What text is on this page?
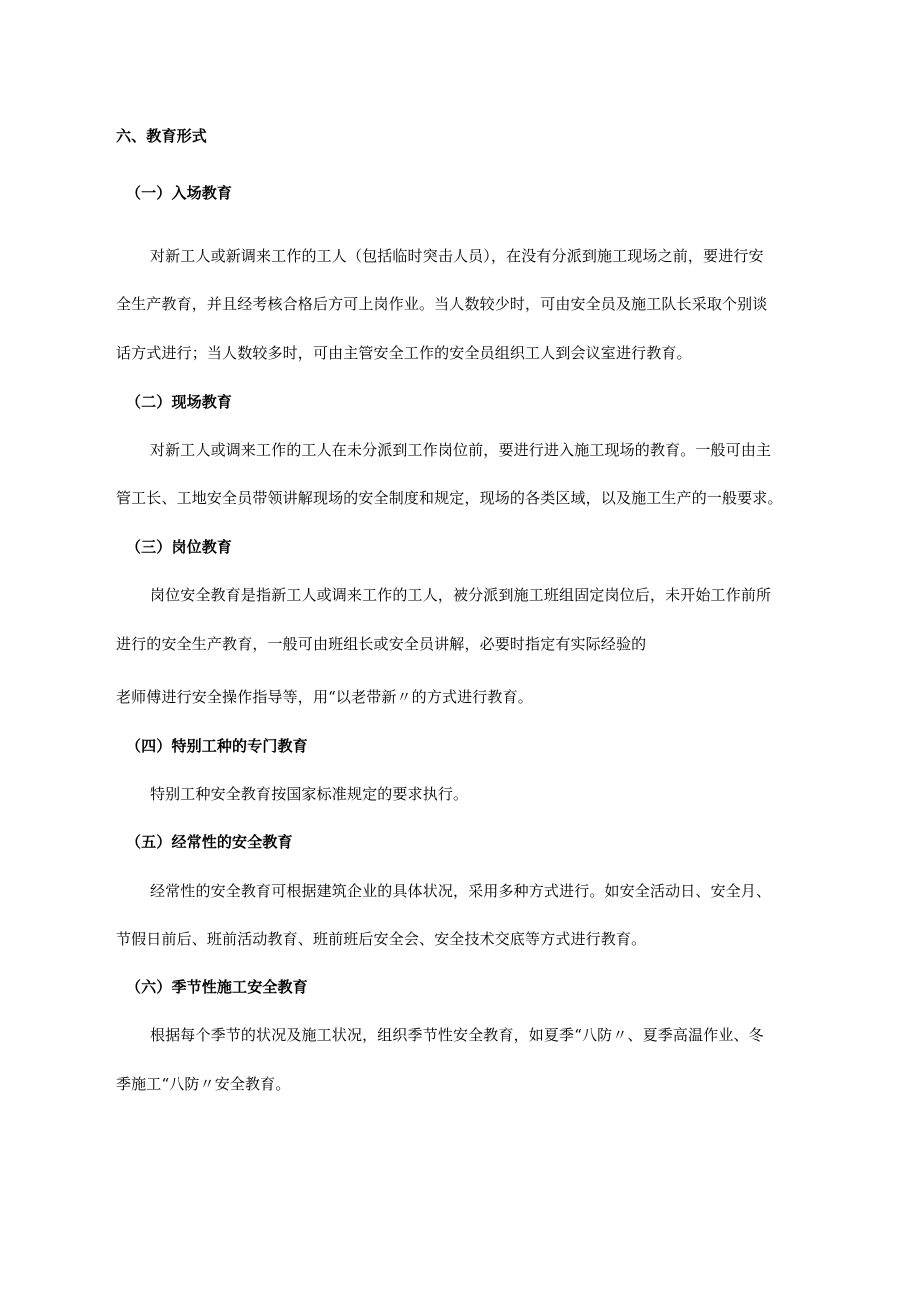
六、教育形式
（一）入场教育
对新工人或新调来工作的工人（包括临时突击人员），在没有分派到施工现场之前，要进行安
全生产教育，并且经考核合格后方可上岗作业。当人数较少时，可由安全员及施工队长采取个别谈
话方式进行；当人数较多时，可由主管安全工作的安全员组织工人到会议室进行教育。
（二）现场教育
对新工人或调来工作的工人在未分派到工作岗位前，要进行进入施工现场的教育。一般可由主
管工长、工地安全员带领讲解现场的安全制度和规定，现场的各类区域，以及施工生产的一般要求。
（三）岗位教育
岗位安全教育是指新工人或调来工作的工人，被分派到施工班组固定岗位后，未开始工作前所
进行的安全生产教育，一般可由班组长或安全员讲解，必要时指定有实际经验的
老师傅进行安全操作指导等，用“以老带新〃的方式进行教育。
（四）特别工种的专门教育
特别工种安全教育按国家标准规定的要求执行。
（五）经常性的安全教育
经常性的安全教育可根据建筑企业的具体状况，采用多种方式进行。如安全活动日、安全月、
节假日前后、班前活动教育、班前班后安全会、安全技术交底等方式进行教育。
（六）季节性施工安全教育
根据每个季节的状况及施工状况，组织季节性安全教育，如夏季“八防〃、夏季高温作业、冬
季施工“八防〃安全教育。
